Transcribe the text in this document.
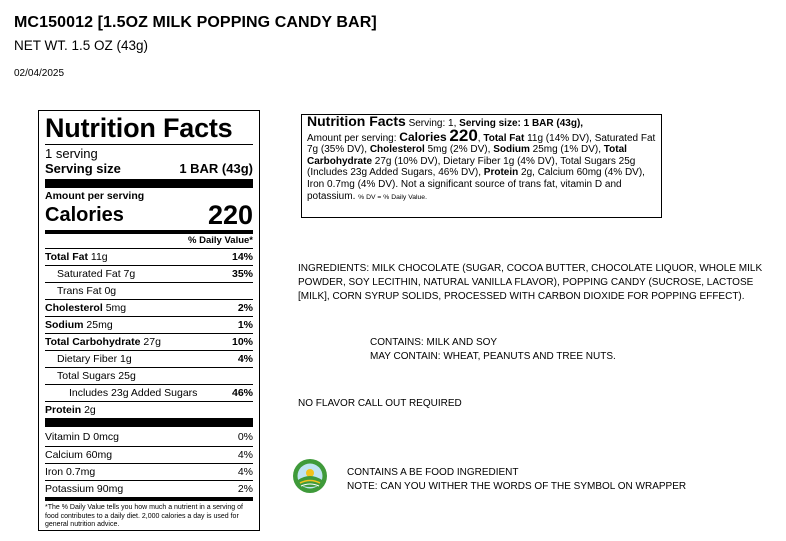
MC150012 [1.5OZ MILK POPPING CANDY BAR]
NET WT. 1.5 OZ (43g)
02/04/2025
Nutrition Facts
1 serving
Serving size	1 BAR (43g)
Amount per serving
Calories	220
% Daily Value*
Total Fat 11g	14%
Saturated Fat 7g	35%
Trans Fat 0g
Cholesterol 5mg	2%
Sodium 25mg	1%
Total Carbohydrate 27g	10%
Dietary Fiber 1g	4%
Total Sugars 25g
Includes 23g Added Sugars	46%
Protein 2g
Vitamin D 0mcg	0%
Calcium 60mg	4%
Iron 0.7mg	4%
Potassium 90mg	2%
*The % Daily Value tells you how much a nutrient in a serving of food contributes to a daily diet. 2,000 calories a day is used for general nutrition advice.
Nutrition Facts Serving: 1, Serving size: 1 BAR (43g),
Amount per serving: Calories 220, Total Fat 11g (14% DV), Saturated Fat 7g (35% DV), Cholesterol 5mg (2% DV), Sodium 25mg (1% DV), Total Carbohydrate 27g (10% DV), Dietary Fiber 1g (4% DV), Total Sugars 25g (Includes 23g Added Sugars, 46% DV), Protein 2g, Calcium 60mg (4% DV), Iron 0.7mg (4% DV). Not a significant source of trans fat, vitamin D and potassium. % DV = % Daily Value.
INGREDIENTS: MILK CHOCOLATE (SUGAR, COCOA BUTTER, CHOCOLATE LIQUOR, WHOLE MILK POWDER, SOY LECITHIN, NATURAL VANILLA FLAVOR), POPPING CANDY (SUCROSE, LACTOSE [MILK], CORN SYRUP SOLIDS, PROCESSED WITH CARBON DIOXIDE FOR POPPING EFFECT).
CONTAINS: MILK AND SOY
MAY CONTAIN: WHEAT, PEANUTS AND TREE NUTS.
NO FLAVOR CALL OUT REQUIRED
CONTAINS A BE FOOD INGREDIENT
NOTE: CAN YOU WITHER THE WORDS OF THE SYMBOL ON WRAPPER
